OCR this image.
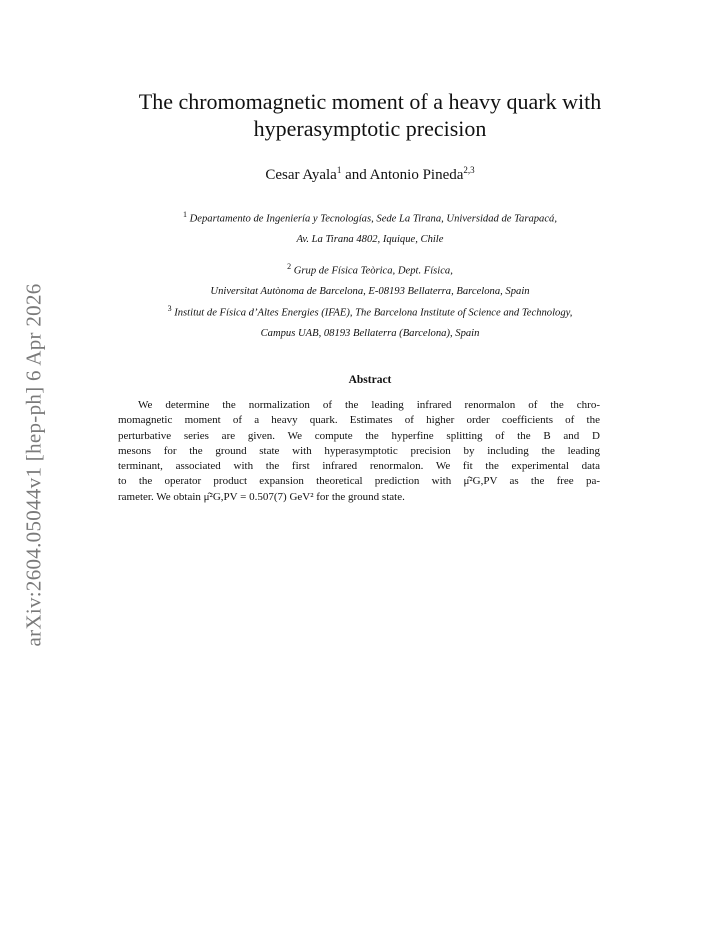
arXiv:2604.05044v1 [hep-ph] 6 Apr 2026
The chromomagnetic moment of a heavy quark with
hyperasymptotic precision
Cesar Ayala$^1$ and Antonio Pineda$^{2,3}$
$^1$ Departamento de Ingeniería y Tecnologías, Sede La Tirana, Universidad de Tarapacá,
Av. La Tirana 4802, Iquique, Chile
$^2$ Grup de Física Teòrica, Dept. Física,
Universitat Autònoma de Barcelona, E-08193 Bellaterra, Barcelona, Spain
$^3$ Institut de Física d’Altes Energies (IFAE), The Barcelona Institute of Science and Technology,
Campus UAB, 08193 Bellaterra (Barcelona), Spain
Abstract
We determine the normalization of the leading infrared renormalon of the chro-
momagnetic moment of a heavy quark. Estimates of higher order coefficients of the
perturbative series are given. We compute the hyperfine splitting of the B and D
mesons for the ground state with hyperasymptotic precision by including the leading
terminant, associated with the first infrared renormalon. We fit the experimental data
to the operator product expansion theoretical prediction with μ̂²G,PV as the free pa-
rameter. We obtain μ̂²G,PV = 0.507(7) GeV² for the ground state.
